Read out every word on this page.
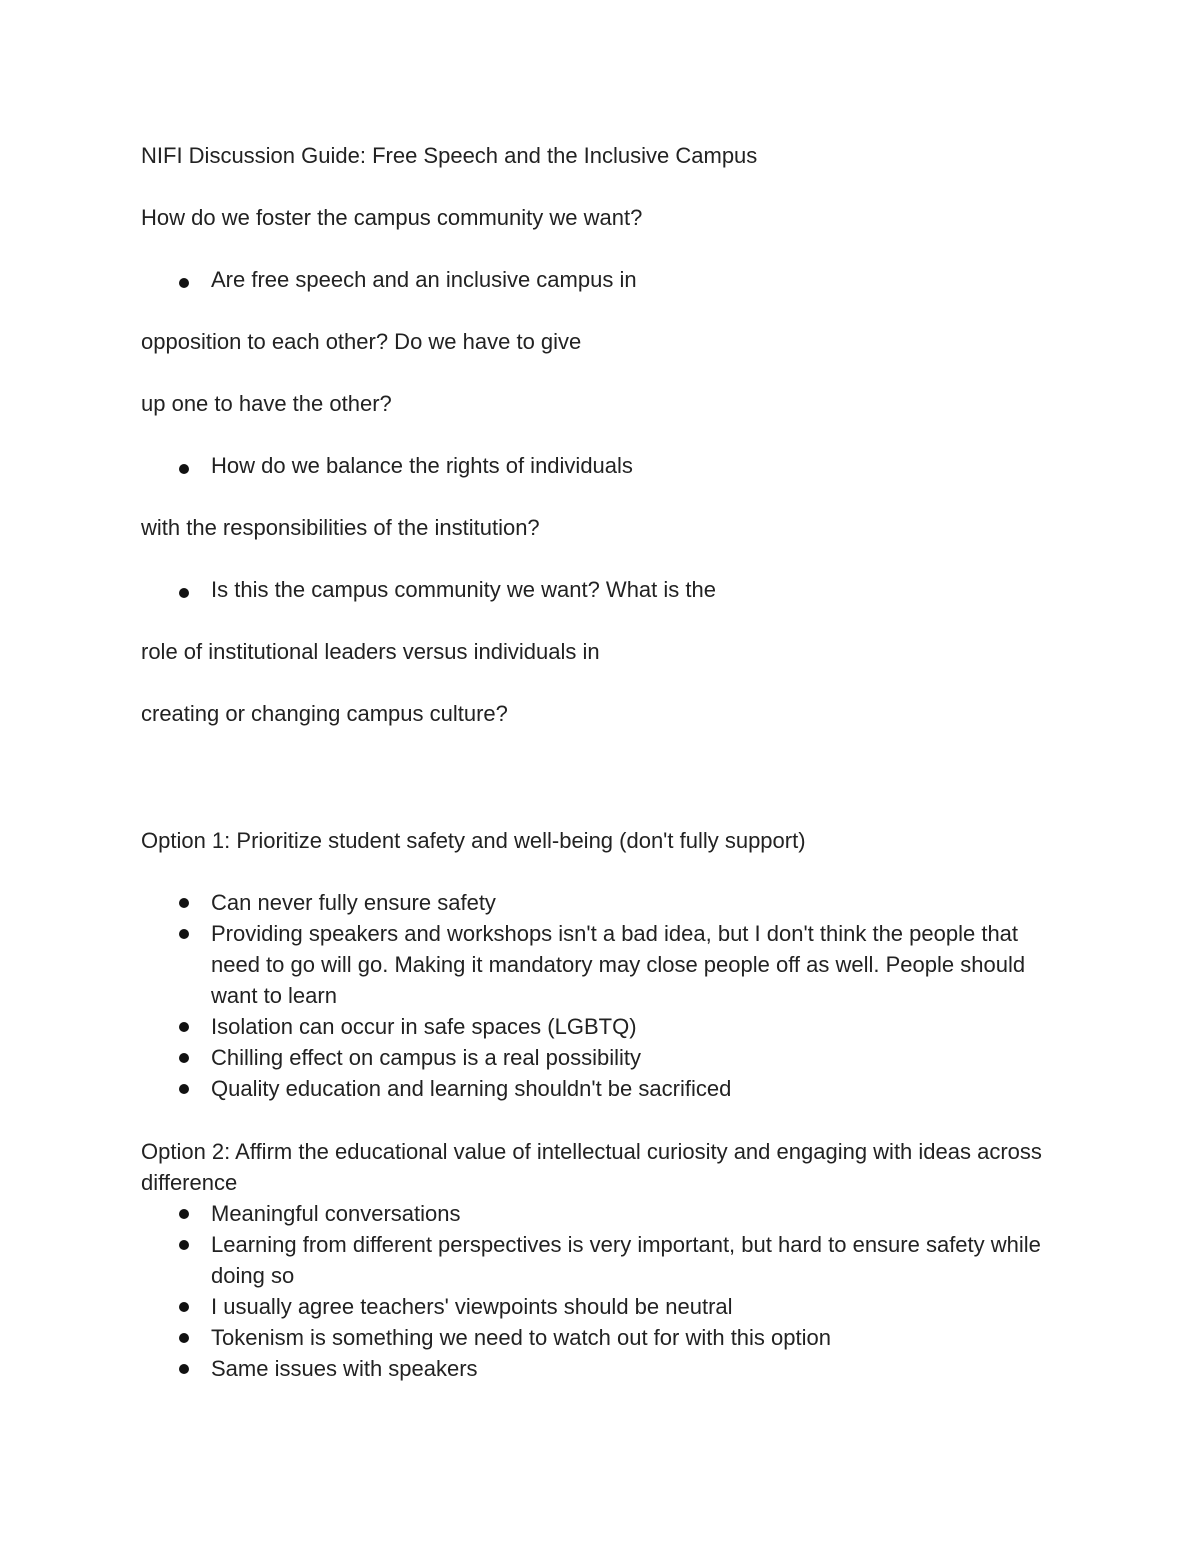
NIFI Discussion Guide: Free Speech and the Inclusive Campus
How do we foster the campus community we want?
Are free speech and an inclusive campus in
opposition to each other? Do we have to give
up one to have the other?
How do we balance the rights of individuals
with the responsibilities of the institution?
Is this the campus community we want? What is the
role of institutional leaders versus individuals in
creating or changing campus culture?

Option 1: Prioritize student safety and well-being (don't fully support)

Can never fully ensure safety
Providing speakers and workshops isn't a bad idea, but I don't think the people that need to go will go. Making it mandatory may close people off as well. People should want to learn
Isolation can occur in safe spaces (LGBTQ)
Chilling effect on campus is a real possibility
Quality education and learning shouldn't be sacrificed

Option 2: Affirm the educational value of intellectual curiosity and engaging with ideas across difference

Meaningful conversations
Learning from different perspectives is very important, but hard to ensure safety while doing so
I usually agree teachers' viewpoints should be neutral
Tokenism is something we need to watch out for with this option
Same issues with speakers
